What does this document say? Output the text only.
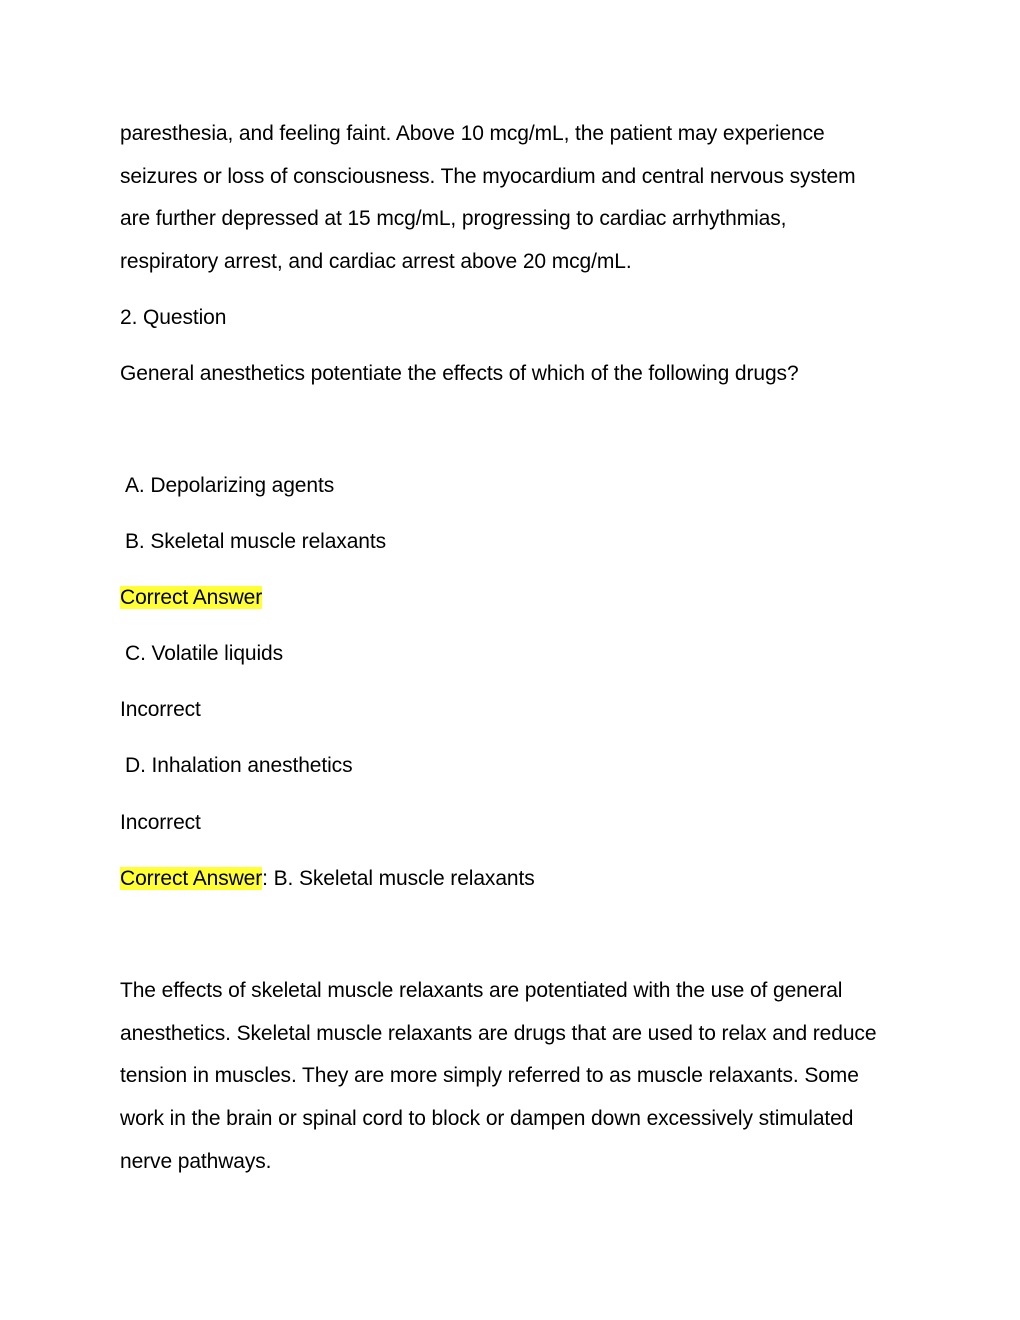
paresthesia, and feeling faint. Above 10 mcg/mL, the patient may experience
seizures or loss of consciousness. The myocardium and central nervous system
are further depressed at 15 mcg/mL, progressing to cardiac arrhythmias,
respiratory arrest, and cardiac arrest above 20 mcg/mL.
2. Question
General anesthetics potentiate the effects of which of the following drugs?
A. Depolarizing agents
B. Skeletal muscle relaxants
Correct Answer
C. Volatile liquids
Incorrect
D. Inhalation anesthetics
Incorrect
Correct Answer: B. Skeletal muscle relaxants
The effects of skeletal muscle relaxants are potentiated with the use of general
anesthetics. Skeletal muscle relaxants are drugs that are used to relax and reduce
tension in muscles. They are more simply referred to as muscle relaxants. Some
work in the brain or spinal cord to block or dampen down excessively stimulated
nerve pathways.
